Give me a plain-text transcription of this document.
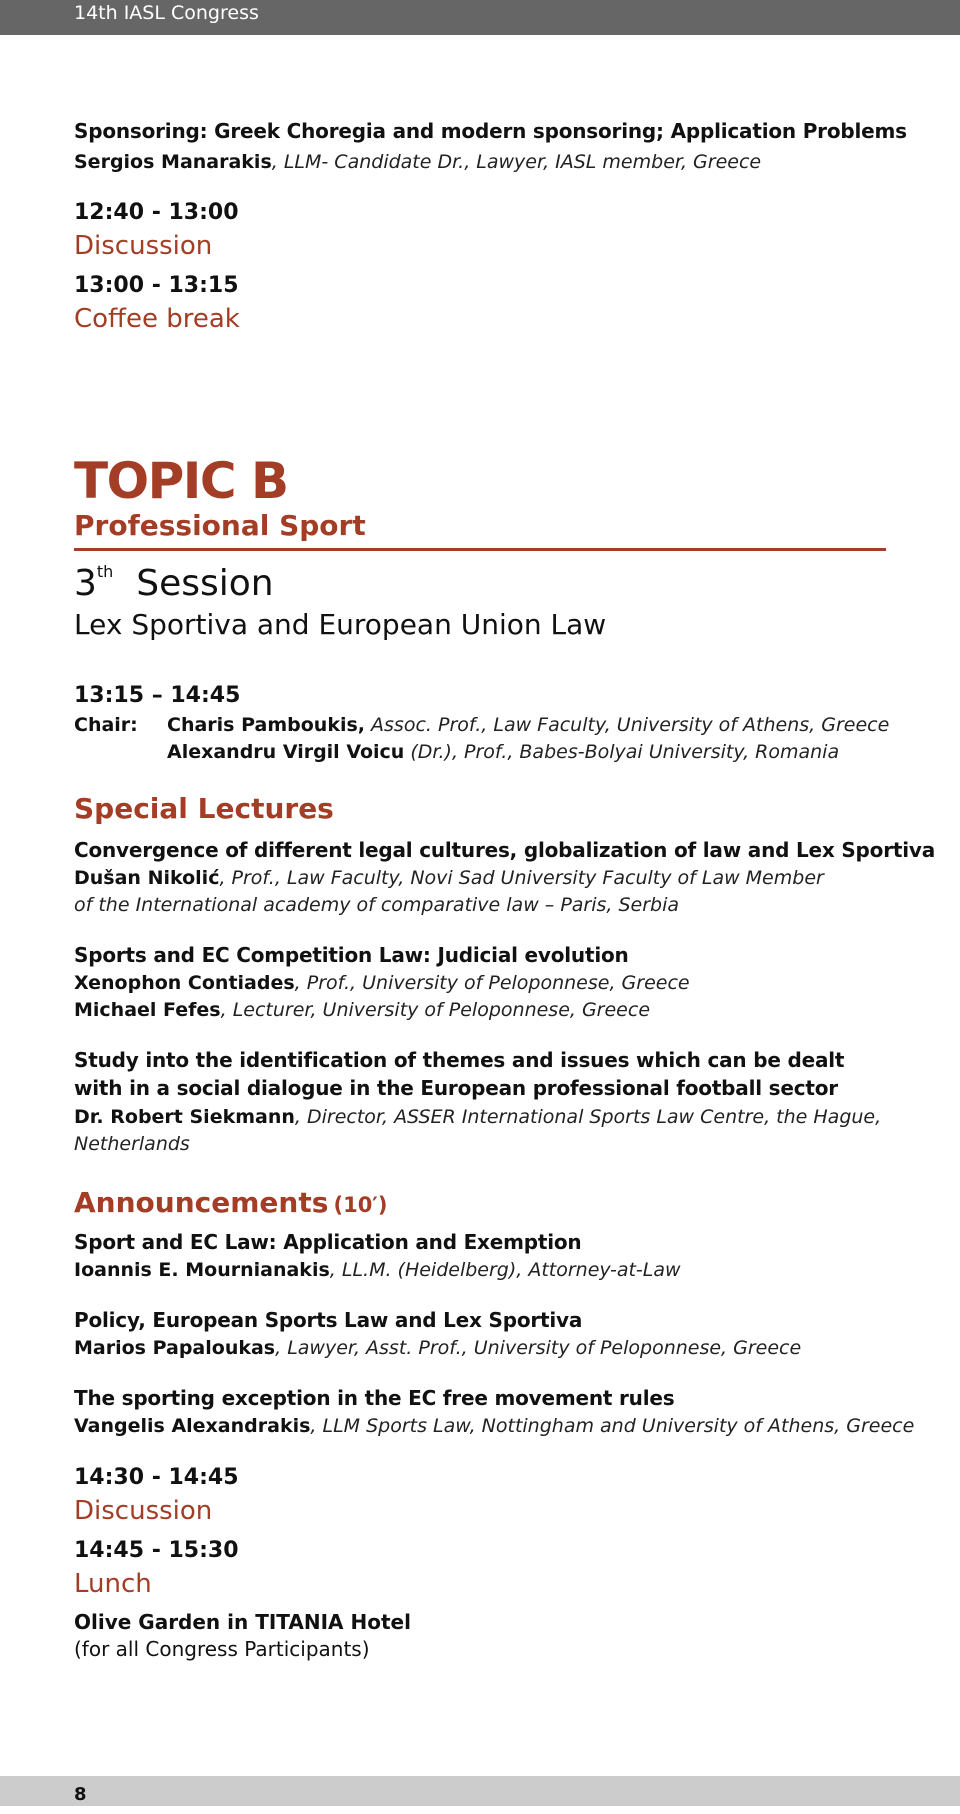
14th IASL Congress
Sponsoring: Greek Choregia and modern sponsoring; Application Problems
Sergios Manarakis, LLM- Candidate Dr., Lawyer, IASL member, Greece
12:40 - 13:00
Discussion
13:00 - 13:15
Coffee break
TOPIC B
Professional Sport
3th Session
Lex Sportiva and European Union Law
13:15 – 14:45
Chair: Charis Pamboukis, Assoc. Prof., Law Faculty, University of Athens, Greece
Alexandru Virgil Voicu (Dr.), Prof., Babes-Bolyai University, Romania
Special Lectures
Convergence of different legal cultures, globalization of law and Lex Sportiva
Dušan Nikolić, Prof., Law Faculty, Novi Sad University Faculty of Law Member
of the International academy of comparative law – Paris, Serbia
Sports and EC Competition Law: Judicial evolution
Xenophon Contiades, Prof., University of Peloponnese, Greece
Michael Fefes, Lecturer, University of Peloponnese, Greece
Study into the identification of themes and issues which can be dealt
with in a social dialogue in the European professional football sector
Dr. Robert Siekmann, Director, ASSER International Sports Law Centre, the Hague,
Netherlands
Announcements (10′)
Sport and EC Law: Application and Exemption
Ioannis E. Mournianakis, LL.M. (Heidelberg), Attorney-at-Law
Policy, European Sports Law and Lex Sportiva
Marios Papaloukas, Lawyer, Asst. Prof., University of Peloponnese, Greece
The sporting exception in the EC free movement rules
Vangelis Alexandrakis, LLM Sports Law, Nottingham and University of Athens, Greece
14:30 - 14:45
Discussion
14:45 - 15:30
Lunch
Olive Garden in TITANIA Hotel
(for all Congress Participants)
8
